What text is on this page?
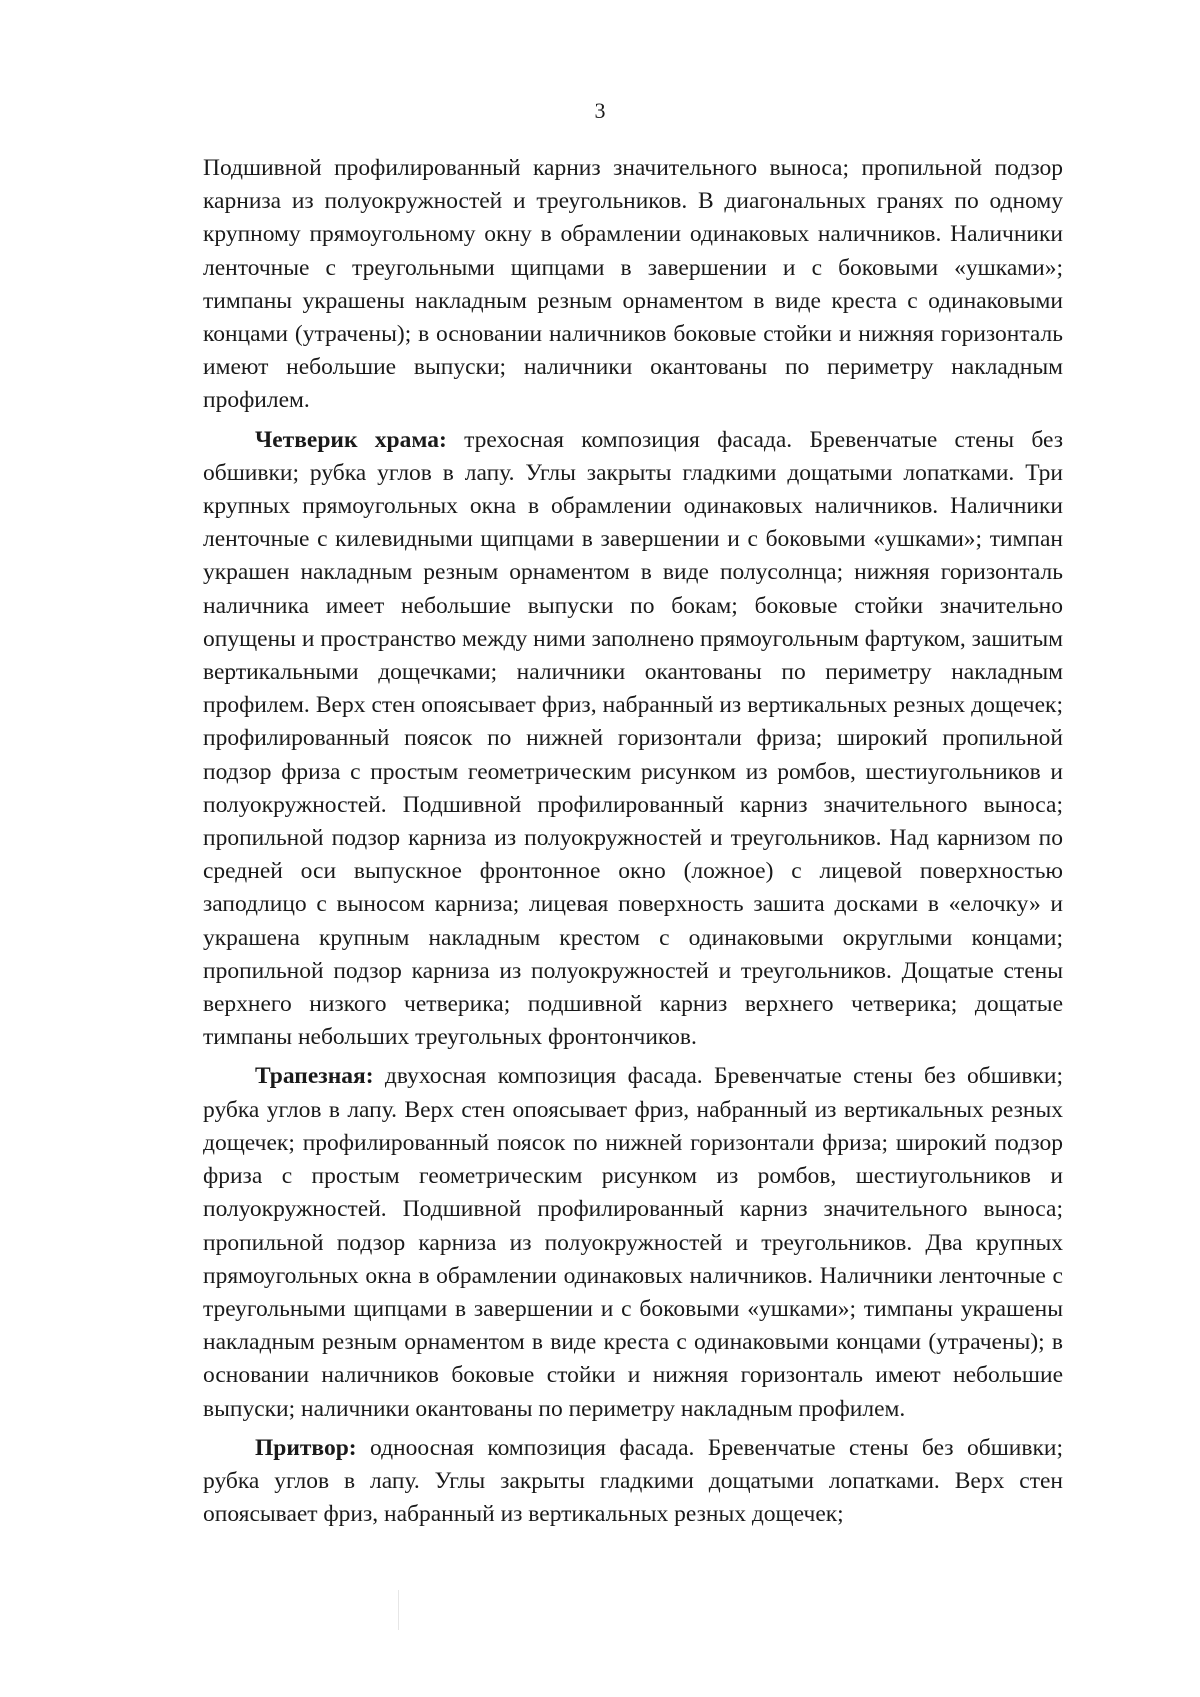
3

Подшивной профилированный карниз значительного выноса; пропильной подзор карниза из полуокружностей и треугольников. В диагональных гранях по одному крупному прямоугольному окну в обрамлении одинаковых наличников. Наличники ленточные с треугольными щипцами в завершении и с боковыми «ушками»; тимпаны украшены накладным резным орнаментом в виде креста с одинаковыми концами (утрачены); в основании наличников боковые стойки и нижняя горизонталь имеют небольшие выпуски; наличники окантованы по периметру накладным профилем.

Четверик храма: трехосная композиция фасада. Бревенчатые стены без обшивки; рубка углов в лапу. Углы закрыты гладкими дощатыми лопатками. Три крупных прямоугольных окна в обрамлении одинаковых наличников. Наличники ленточные с килевидными щипцами в завершении и с боковыми «ушками»; тимпан украшен накладным резным орнаментом в виде полусолнца; нижняя горизонталь наличника имеет небольшие выпуски по бокам; боковые стойки значительно опущены и пространство между ними заполнено прямоугольным фартуком, зашитым вертикальными дощечками; наличники окантованы по периметру накладным профилем. Верх стен опоясывает фриз, набранный из вертикальных резных дощечек; профилированный поясок по нижней горизонтали фриза; широкий пропильной подзор фриза с простым геометрическим рисунком из ромбов, шестиугольников и полуокружностей. Подшивной профилированный карниз значительного выноса; пропильной подзор карниза из полуокружностей и треугольников. Над карнизом по средней оси выпускное фронтонное окно (ложное) с лицевой поверхностью заподлицо с выносом карниза; лицевая поверхность зашита досками в «елочку» и украшена крупным накладным крестом с одинаковыми округлыми концами; пропильной подзор карниза из полуокружностей и треугольников. Дощатые стены верхнего низкого четверика; подшивной карниз верхнего четверика; дощатые тимпаны небольших треугольных фронтончиков.

Трапезная: двухосная композиция фасада. Бревенчатые стены без обшивки; рубка углов в лапу. Верх стен опоясывает фриз, набранный из вертикальных резных дощечек; профилированный поясок по нижней горизонтали фриза; широкий подзор фриза с простым геометрическим рисунком из ромбов, шестиугольников и полуокружностей. Подшивной профилированный карниз значительного выноса; пропильной подзор карниза из полуокружностей и треугольников. Два крупных прямоугольных окна в обрамлении одинаковых наличников. Наличники ленточные с треугольными щипцами в завершении и с боковыми «ушками»; тимпаны украшены накладным резным орнаментом в виде креста с одинаковыми концами (утрачены); в основании наличников боковые стойки и нижняя горизонталь имеют небольшие выпуски; наличники окантованы по периметру накладным профилем.

Притвор: одноосная композиция фасада. Бревенчатые стены без обшивки; рубка углов в лапу. Углы закрыты гладкими дощатыми лопатками. Верх стен опоясывает фриз, набранный из вертикальных резных дощечек;
